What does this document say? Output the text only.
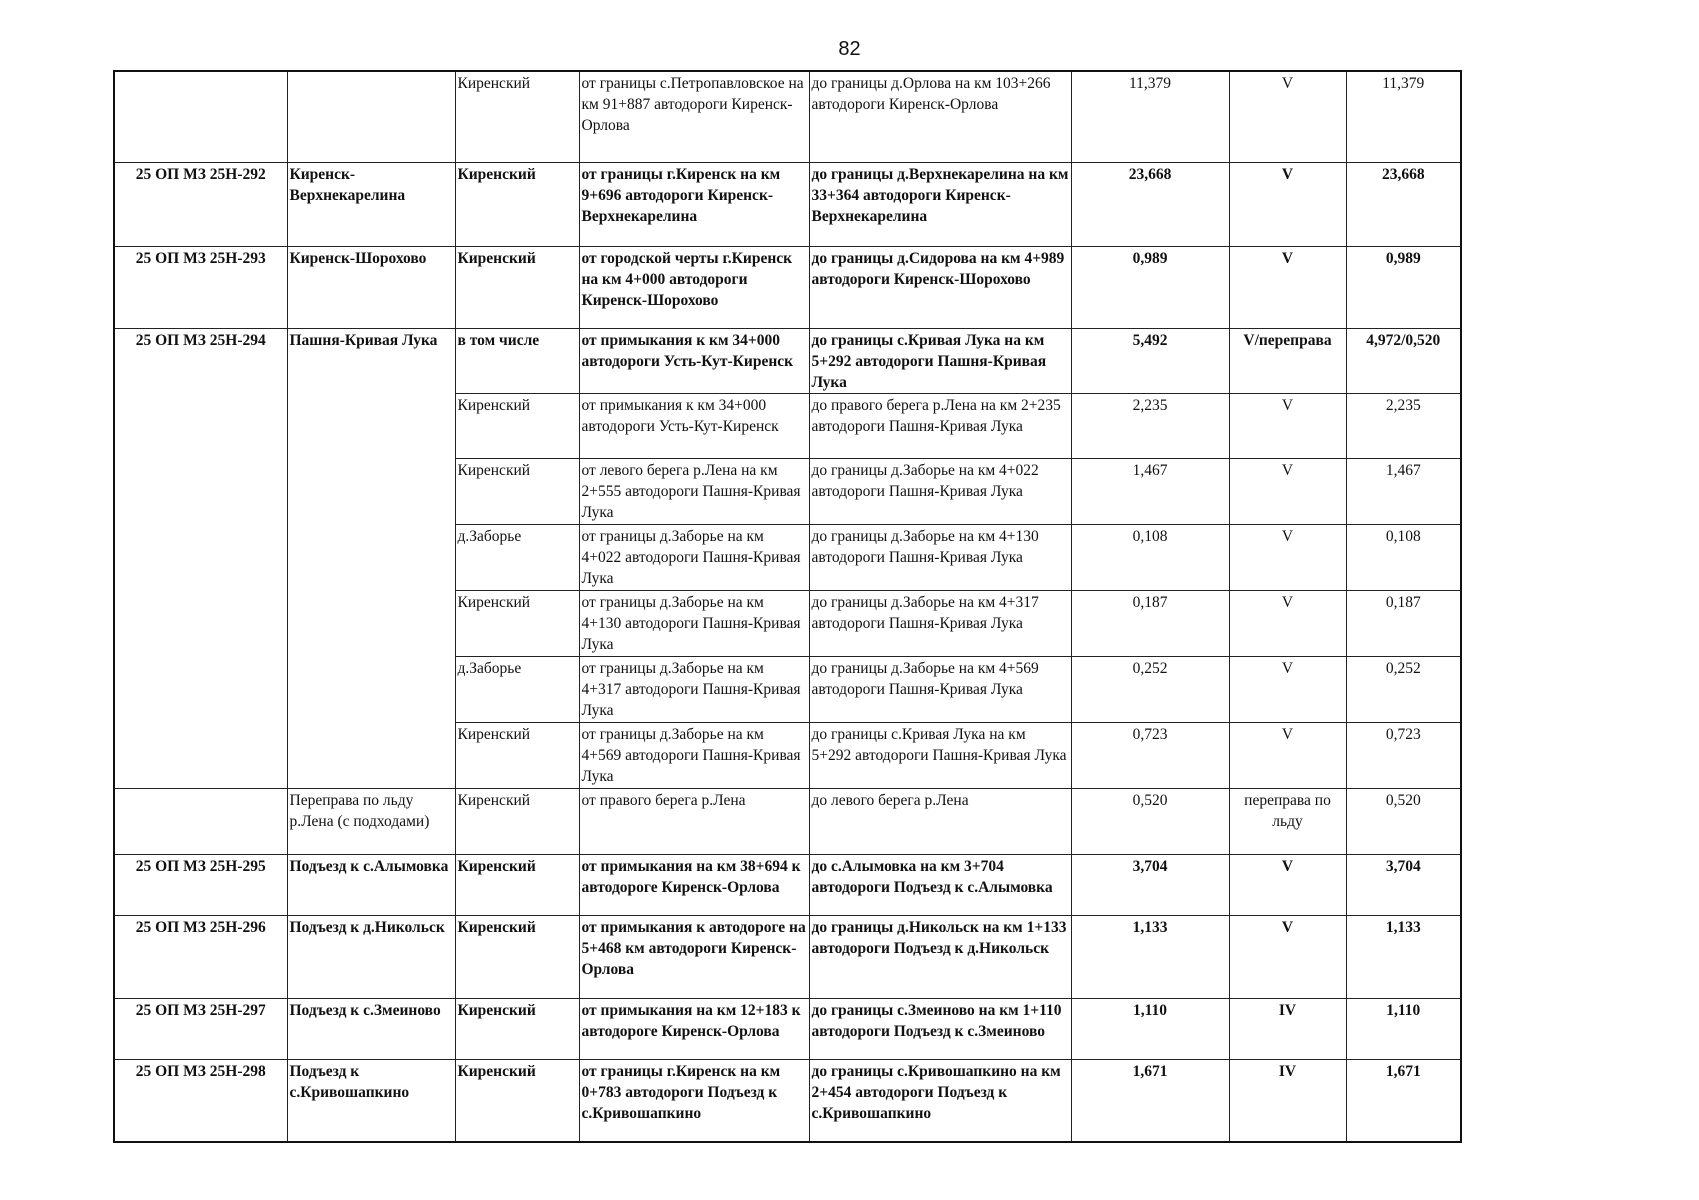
82
		Киренский	от границы с.Петропавловское на км 91+887 автодороги Киренск-Орлова	до границы д.Орлова на км 103+266 автодороги Киренск-Орлова	11,379	V	11,379
25 ОП МЗ 25Н-292	Киренск-Верхнекарелина	Киренский	от границы г.Киренск на км 9+696 автодороги Киренск-Верхнекарелина	до границы д.Верхнекарелина на км 33+364 автодороги Киренск-Верхнекарелина	23,668	V	23,668
25 ОП МЗ 25Н-293	Киренск-Шорохово	Киренский	от городской черты г.Киренск на км 4+000 автодороги Киренск-Шорохово	до границы д.Сидорова на км 4+989 автодороги Киренск-Шорохово	0,989	V	0,989
25 ОП МЗ 25Н-294	Пашня-Кривая Лука	в том числе	от примыкания к км 34+000 автодороги Усть-Кут-Киренск	до границы с.Кривая Лука на км 5+292 автодороги Пашня-Кривая Лука	5,492	V/переправа	4,972/0,520
		Киренский	от примыкания к км 34+000 автодороги Усть-Кут-Киренск	до правого берега р.Лена на км 2+235 автодороги Пашня-Кривая Лука	2,235	V	2,235
		Киренский	от левого берега р.Лена на км 2+555 автодороги Пашня-Кривая Лука	до границы д.Заборье на км 4+022 автодороги Пашня-Кривая Лука	1,467	V	1,467
		д.Заборье	от границы д.Заборье на км 4+022 автодороги Пашня-Кривая Лука	до границы д.Заборье на км 4+130 автодороги Пашня-Кривая Лука	0,108	V	0,108
		Киренский	от границы д.Заборье на км 4+130 автодороги Пашня-Кривая Лука	до границы д.Заборье на км 4+317 автодороги Пашня-Кривая Лука	0,187	V	0,187
		д.Заборье	от границы д.Заборье на км 4+317 автодороги Пашня-Кривая Лука	до границы д.Заборье на км 4+569 автодороги Пашня-Кривая Лука	0,252	V	0,252
		Киренский	от границы д.Заборье на км 4+569 автодороги Пашня-Кривая Лука	до границы с.Кривая Лука на км 5+292 автодороги Пашня-Кривая Лука	0,723	V	0,723
	Переправа по льду р.Лена (с подходами)	Киренский	от правого берега р.Лена	до левого берега р.Лена	0,520	переправа по льду	0,520
25 ОП МЗ 25Н-295	Подъезд к с.Алымовка	Киренский	от примыкания на км 38+694 к автодороге Киренск-Орлова	до с.Алымовка на км 3+704 автодороги Подъезд к с.Алымовка	3,704	V	3,704
25 ОП МЗ 25Н-296	Подъезд к д.Никольск	Киренский	от примыкания к автодороге на 5+468 км автодороги Киренск-Орлова	до границы д.Никольск на км 1+133 автодороги Подъезд к д.Никольск	1,133	V	1,133
25 ОП МЗ 25Н-297	Подъезд к с.Змеиново	Киренский	от примыкания на км 12+183 к автодороге Киренск-Орлова	до границы с.Змеиново на км 1+110 автодороги Подъезд к с.Змеиново	1,110	IV	1,110
25 ОП МЗ 25Н-298	Подъезд к с.Кривошапкино	Киренский	от границы г.Киренск на км 0+783 автодороги Подъезд к с.Кривошапкино	до границы с.Кривошапкино на км 2+454 автодороги Подъезд к с.Кривошапкино	1,671	IV	1,671
